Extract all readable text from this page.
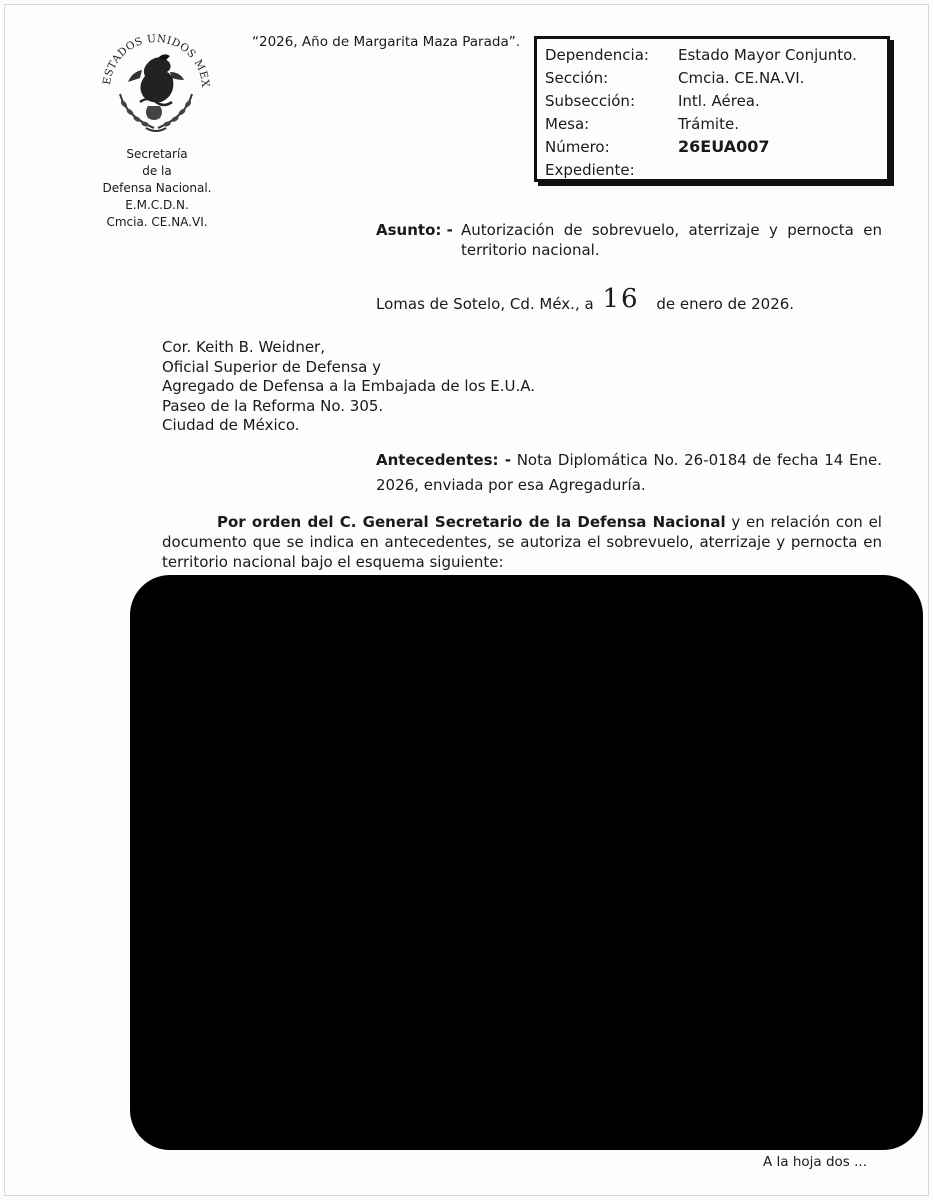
ESTADOS UNIDOS MEX
Secretaría
de la
Defensa Nacional.
E.M.C.D.N.
Cmcia. CE.NA.VI.
“2026, Año de Margarita Maza Parada”.
Dependencia:	Estado Mayor Conjunto.
Sección:	Cmcia. CE.NA.VI.
Subsección:	Intl. Aérea.
Mesa:	Trámite.
Número:	26EUA007
Expediente:
Asunto: - Autorización de sobrevuelo, aterrizaje y pernocta en territorio nacional.
Lomas de Sotelo, Cd. Méx., a 16 de enero de 2026.
Cor. Keith B. Weidner,
Oficial Superior de Defensa y
Agregado de Defensa a la Embajada de los E.U.A.
Paseo de la Reforma No. 305.
Ciudad de México.
Antecedentes: - Nota Diplomática No. 26-0184 de fecha 14 Ene. 2026, enviada por esa Agregaduría.
Por orden del C. General Secretario de la Defensa Nacional y en relación con el documento que se indica en antecedentes, se autoriza el sobrevuelo, aterrizaje y pernocta en territorio nacional bajo el esquema siguiente:
A la hoja dos ...
